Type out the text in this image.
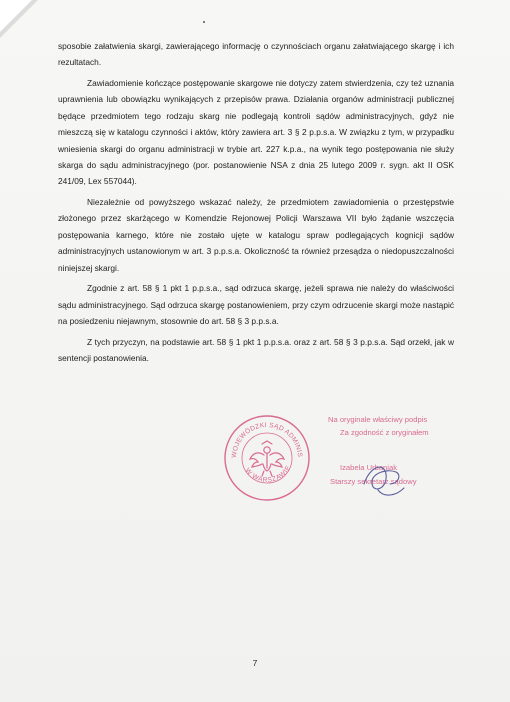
sposobie załatwienia skargi, zawierającego informację o czynnościach organu załatwiającego skargę i ich rezultatach.

Zawiadomienie kończące postępowanie skargowe nie dotyczy zatem stwierdzenia, czy też uznania uprawnienia lub obowiązku wynikających z przepisów prawa. Działania organów administracji publicznej będące przedmiotem tego rodzaju skarg nie podlegają kontroli sądów administracyjnych, gdyż nie mieszczą się w katalogu czynności i aktów, który zawiera art. 3 § 2 p.p.s.a. W związku z tym, w przypadku wniesienia skargi do organu administracji w trybie art. 227 k.p.a., na wynik tego postępowania nie służy skarga do sądu administracyjnego (por. postanowienie NSA z dnia 25 lutego 2009 r. sygn. akt II OSK 241/09, Lex 557044).

Niezależnie od powyższego wskazać należy, że przedmiotem zawiadomienia o przestępstwie złożonego przez skarżącego w Komendzie Rejonowej Policji Warszawa VII było żądanie wszczęcia postępowania karnego, które nie zostało ujęte w katalogu spraw podlegających kognicji sądów administracyjnych ustanowionym w art. 3 p.p.s.a. Okoliczność ta również przesądza o niedopuszczalności niniejszej skargi.

Zgodnie z art. 58 § 1 pkt 1 p.p.s.a., sąd odrzuca skargę, jeżeli sprawa nie należy do właściwości sądu administracyjnego. Sąd odrzuca skargę postanowieniem, przy czym odrzucenie skargi może nastąpić na posiedzeniu niejawnym, stosownie do art. 58 § 3 p.p.s.a.

Z tych przyczyn, na podstawie art. 58 § 1 pkt 1 p.p.s.a. oraz z art. 58 § 3 p.p.s.a. Sąd orzekł, jak w sentencji postanowienia.

WOJEWÓDZKI SĄD ADMINIS
W WARSZAWIE
Na oryginale właściwy podpis
Za zgodność z oryginałem
Izabela Urbaniak
Starszy sekretarz sądowy
7
